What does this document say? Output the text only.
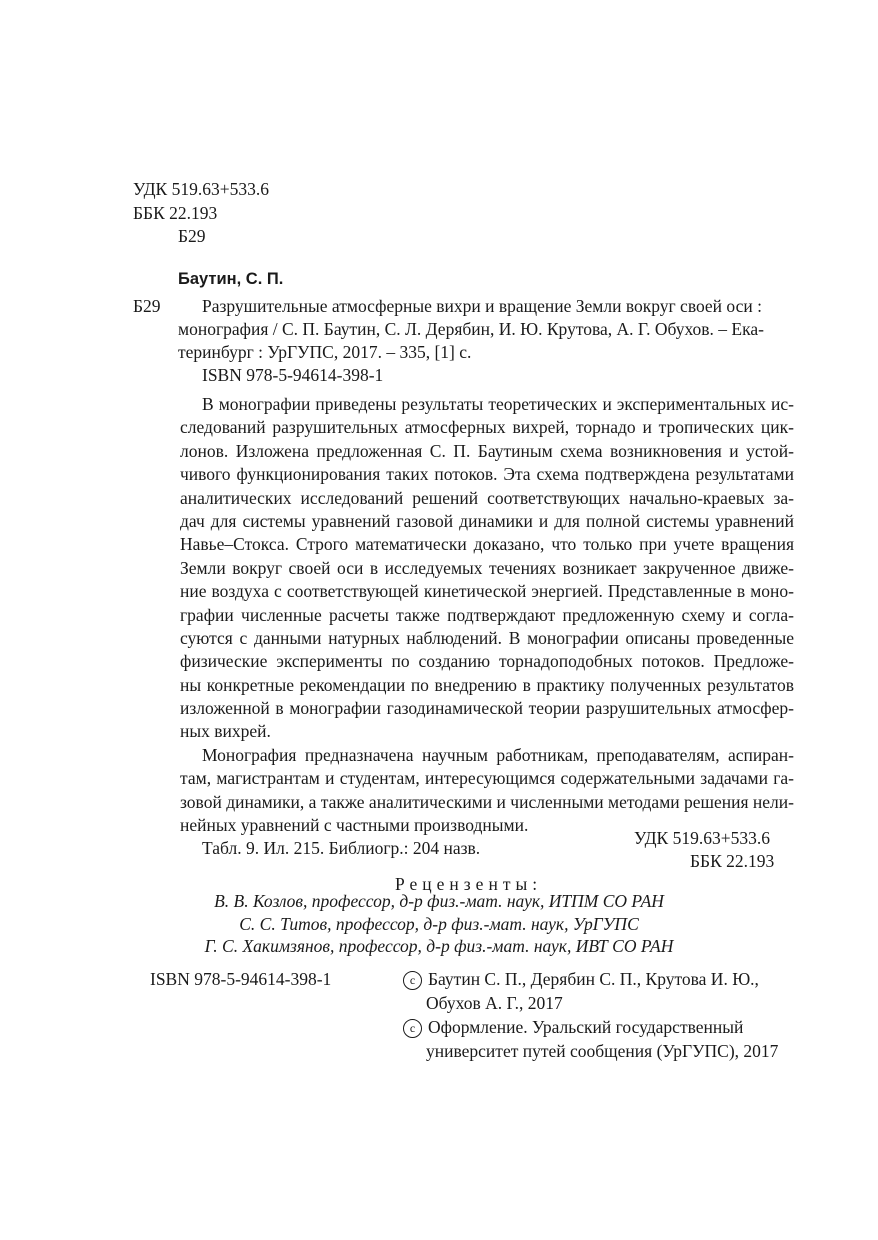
УДК 519.63+533.6
ББК 22.193
Б29
Баутин, С. П.
Б29 Разрушительные атмосферные вихри и вращение Земли вокруг своей оси :
монография / С. П. Баутин, С. Л. Дерябин, И. Ю. Крутова, А. Г. Обухов. – Ека-
теринбург : УрГУПС, 2017. – 335, [1] с.
ISBN 978-5-94614-398-1
В монографии приведены результаты теоретических и экспериментальных ис-
следований разрушительных атмосферных вихрей, торнадо и тропических цик-
лонов. Изложена предложенная С. П. Баутиным схема возникновения и устой-
чивого функционирования таких потоков. Эта схема подтверждена результатами
аналитических исследований решений соответствующих начально-краевых за-
дач для системы уравнений газовой динамики и для полной системы уравнений
Навье–Стокса. Строго математически доказано, что только при учете вращения
Земли вокруг своей оси в исследуемых течениях возникает закрученное движе-
ние воздуха с соответствующей кинетической энергией. Представленные в моно-
графии численные расчеты также подтверждают предложенную схему и согла-
суются с данными натурных наблюдений. В монографии описаны проведенные
физические эксперименты по созданию торнадоподобных потоков. Предложе-
ны конкретные рекомендации по внедрению в практику полученных результатов
изложенной в монографии газодинамической теории разрушительных атмосфер-
ных вихрей.
Монография предназначена научным работникам, преподавателям, аспиран-
там, магистрантам и студентам, интересующимся содержательными задачами га-
зовой динамики, а также аналитическими и численными методами решения нели-
нейных уравнений с частными производными.
Табл. 9. Ил. 215. Библиогр.: 204 назв.
УДК 519.63+533.6
ББК 22.193
Рецензенты:
В. В. Козлов, профессор, д-р физ.-мат. наук, ИТПМ СО РАН
С. С. Титов, профессор, д-р физ.-мат. наук, УрГУПС
Г. С. Хакимзянов, профессор, д-р физ.-мат. наук, ИВТ СО РАН
ISBN 978-5-94614-398-1	c Баутин С. П., Дерябин С. П., Крутова И. Ю.,
Обухов А. Г., 2017
c Оформление. Уральский государственный
университет путей сообщения (УрГУПС), 2017
